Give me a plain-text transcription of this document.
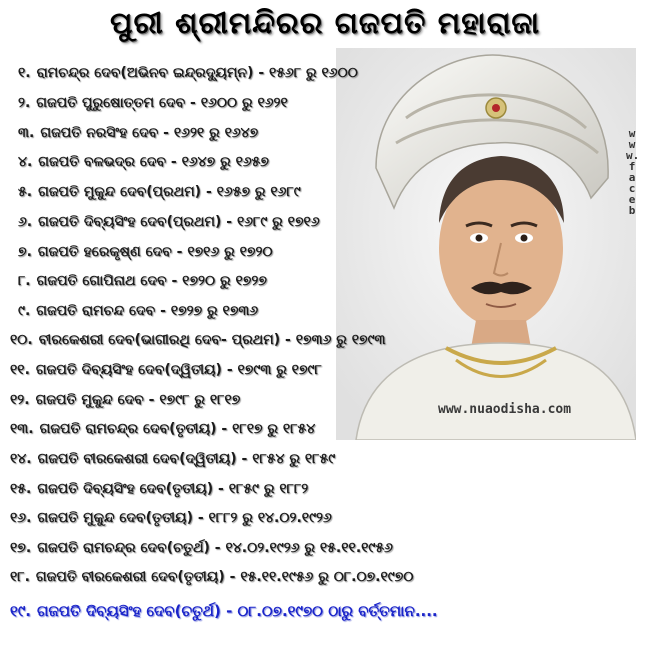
ପୁରୀ ଶ୍ରୀମନ୍ଦିରର ଗଜପତି ମହାରାଜା
୧. ରାମଚନ୍ଦ୍ର ଦେବ(ଅଭିନବ ଇନ୍ଦ୍ରଦ୍ୟୁମ୍ନ) - ୧୫୬୮ ରୁ ୧୬୦୦
୨. ଗଜପତି ପୁରୁଷୋତ୍ତମ ଦେବ - ୧୬୦୦ ରୁ ୧୬୨୧
୩. ଗଜପତି ନରସିଂହ ଦେବ - ୧୬୨୧ ରୁ ୧୬୪୭
୪. ଗଜପତି ବଳଭଦ୍ର ଦେବ - ୧୬୪୭ ରୁ ୧୬୫୭
୫. ଗଜପତି ମୁକୁନ୍ଦ ଦେବ(ପ୍ରଥମ) - ୧୬୫୭ ରୁ ୧୬୮୯
୬. ଗଜପତି ଦିବ୍ୟସିଂହ ଦେବ(ପ୍ରଥମ) - ୧୬୮୯ ରୁ ୧୭୧୬
୭. ଗଜପତି ହରେକୃଷ୍ଣ ଦେବ - ୧୭୧୬ ରୁ ୧୭୨୦
୮. ଗଜପତି ଗୋପିନାଥ ଦେବ - ୧୭୨୦ ରୁ ୧୭୨୭
୯. ଗଜପତି ରାମଚନ୍ଦ ଦେବ - ୧୭୨୭ ରୁ ୧୭୩୬
୧୦. ବୀରକେଶରୀ ଦେବ(ଭାଗୀରଥି ଦେବ- ପ୍ରଥମ) - ୧୭୩୬ ରୁ ୧୭୯୩
୧୧. ଗଜପତି ଦିବ୍ୟସିଂହ ଦେବ(ଦ୍ୱିତୀୟ) - ୧୭୯୩ ରୁ ୧୭୯୮
୧୨. ଗଜପତି ମୁକୁନ୍ଦ ଦେବ - ୧୭୯୮ ରୁ ୧୮୧୭
୧୩. ଗଜପତି ରାମଚନ୍ଦ୍ର ଦେବ(ତୃତୀୟ) - ୧୮୧୭ ରୁ ୧୮୫୪
୧୪. ଗଜପତି ବୀରକେଶରୀ ଦେବ(ଦ୍ୱିତୀୟ) - ୧୮୫୪ ରୁ ୧୮୫୯
୧୫. ଗଜପତି ଦିବ୍ୟସିଂହ ଦେବ(ତୃତୀୟ) - ୧୮୫୯ ରୁ ୧୮୮୨
୧୬. ଗଜପତି ମୁକୁନ୍ଦ ଦେବ(ତୃତୀୟ) - ୧୮୮୨ ରୁ ୧୪.୦୨.୧୯୨୬
୧୭. ଗଜପତି ରାମଚନ୍ଦ୍ର ଦେବ(ଚତୁର୍ଥ) - ୧୪.୦୨.୧୯୨୬ ରୁ ୧୫.୧୧.୧୯୫୬
୧୮. ଗଜପତି ବୀରକେଶରୀ ଦେବ(ତୃତୀୟ) - ୧୫.୧୧.୧୯୫୬ ରୁ ୦୮.୦୭.୧୯୭୦
୧୯. ଗଜପତି ଦିବ୍ୟସିଂହ ଦେବ(ଚତୁର୍ଥ) - ୦୮.୦୭.୧୯୭୦ ଠାରୁ ବର୍ତ୍ତମାନ....
www.nuaodisha.com
www.faceb
